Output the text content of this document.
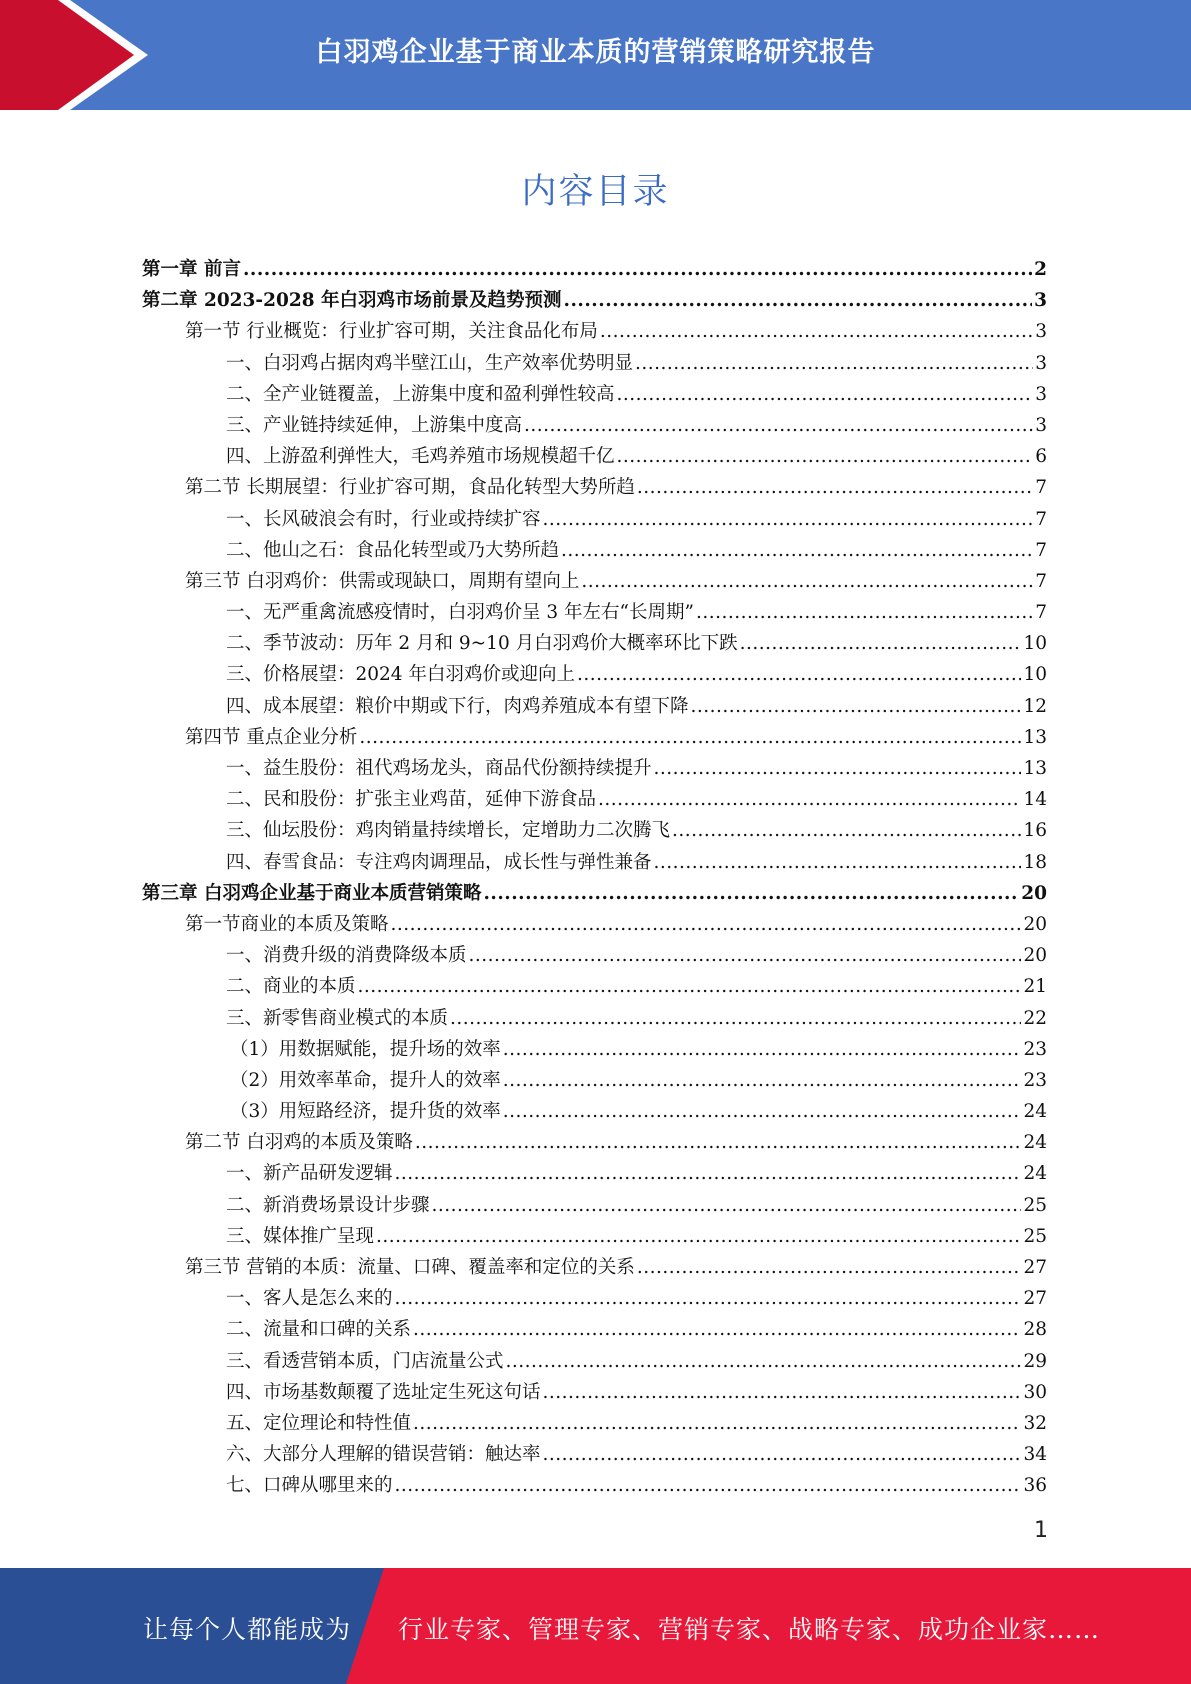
白羽鸡企业基于商业本质的营销策略研究报告
内容目录
第一章 前言 .....	2
第二章 2023-2028 年白羽鸡市场前景及趋势预测 .....	3
第一节 行业概览：行业扩容可期，关注食品化布局 .....	3
一、白羽鸡占据肉鸡半壁江山，生产效率优势明显 .....	3
二、全产业链覆盖，上游集中度和盈利弹性较高 .....	3
三、产业链持续延伸，上游集中度高 .....	3
四、上游盈利弹性大，毛鸡养殖市场规模超千亿 .....	6
第二节 长期展望：行业扩容可期，食品化转型大势所趋 .....	7
一、长风破浪会有时，行业或持续扩容 .....	7
二、他山之石：食品化转型或乃大势所趋 .....	7
第三节 白羽鸡价：供需或现缺口，周期有望向上 .....	7
一、无严重禽流感疫情时，白羽鸡价呈 3 年左右“长周期” .....	7
二、季节波动：历年 2 月和 9~10 月白羽鸡价大概率环比下跌 .....	10
三、价格展望：2024 年白羽鸡价或迎向上 .....	10
四、成本展望：粮价中期或下行，肉鸡养殖成本有望下降 .....	12
第四节 重点企业分析 .....	13
一、益生股份：祖代鸡场龙头，商品代份额持续提升 .....	13
二、民和股份：扩张主业鸡苗，延伸下游食品 .....	14
三、仙坛股份：鸡肉销量持续增长，定增助力二次腾飞 .....	16
四、春雪食品：专注鸡肉调理品，成长性与弹性兼备 .....	18
第三章 白羽鸡企业基于商业本质营销策略 .....	20
第一节商业的本质及策略 .....	20
一、消费升级的消费降级本质 .....	20
二、商业的本质 .....	21
三、新零售商业模式的本质 .....	22
（1）用数据赋能，提升场的效率 .....	23
（2）用效率革命，提升人的效率 .....	23
（3）用短路经济，提升货的效率 .....	24
第二节 白羽鸡的本质及策略 .....	24
一、新产品研发逻辑 .....	24
二、新消费场景设计步骤 .....	25
三、媒体推广呈现 .....	25
第三节 营销的本质：流量、口碑、覆盖率和定位的关系 .....	27
一、客人是怎么来的 .....	27
二、流量和口碑的关系 .....	28
三、看透营销本质，门店流量公式 .....	29
四、市场基数颠覆了选址定生死这句话 .....	30
五、定位理论和特性值 .....	32
六、大部分人理解的错误营销：触达率 .....	34
七、口碑从哪里来的 .....	36
1
让每个人都能成为 行业专家、管理专家、营销专家、战略专家、成功企业家……
